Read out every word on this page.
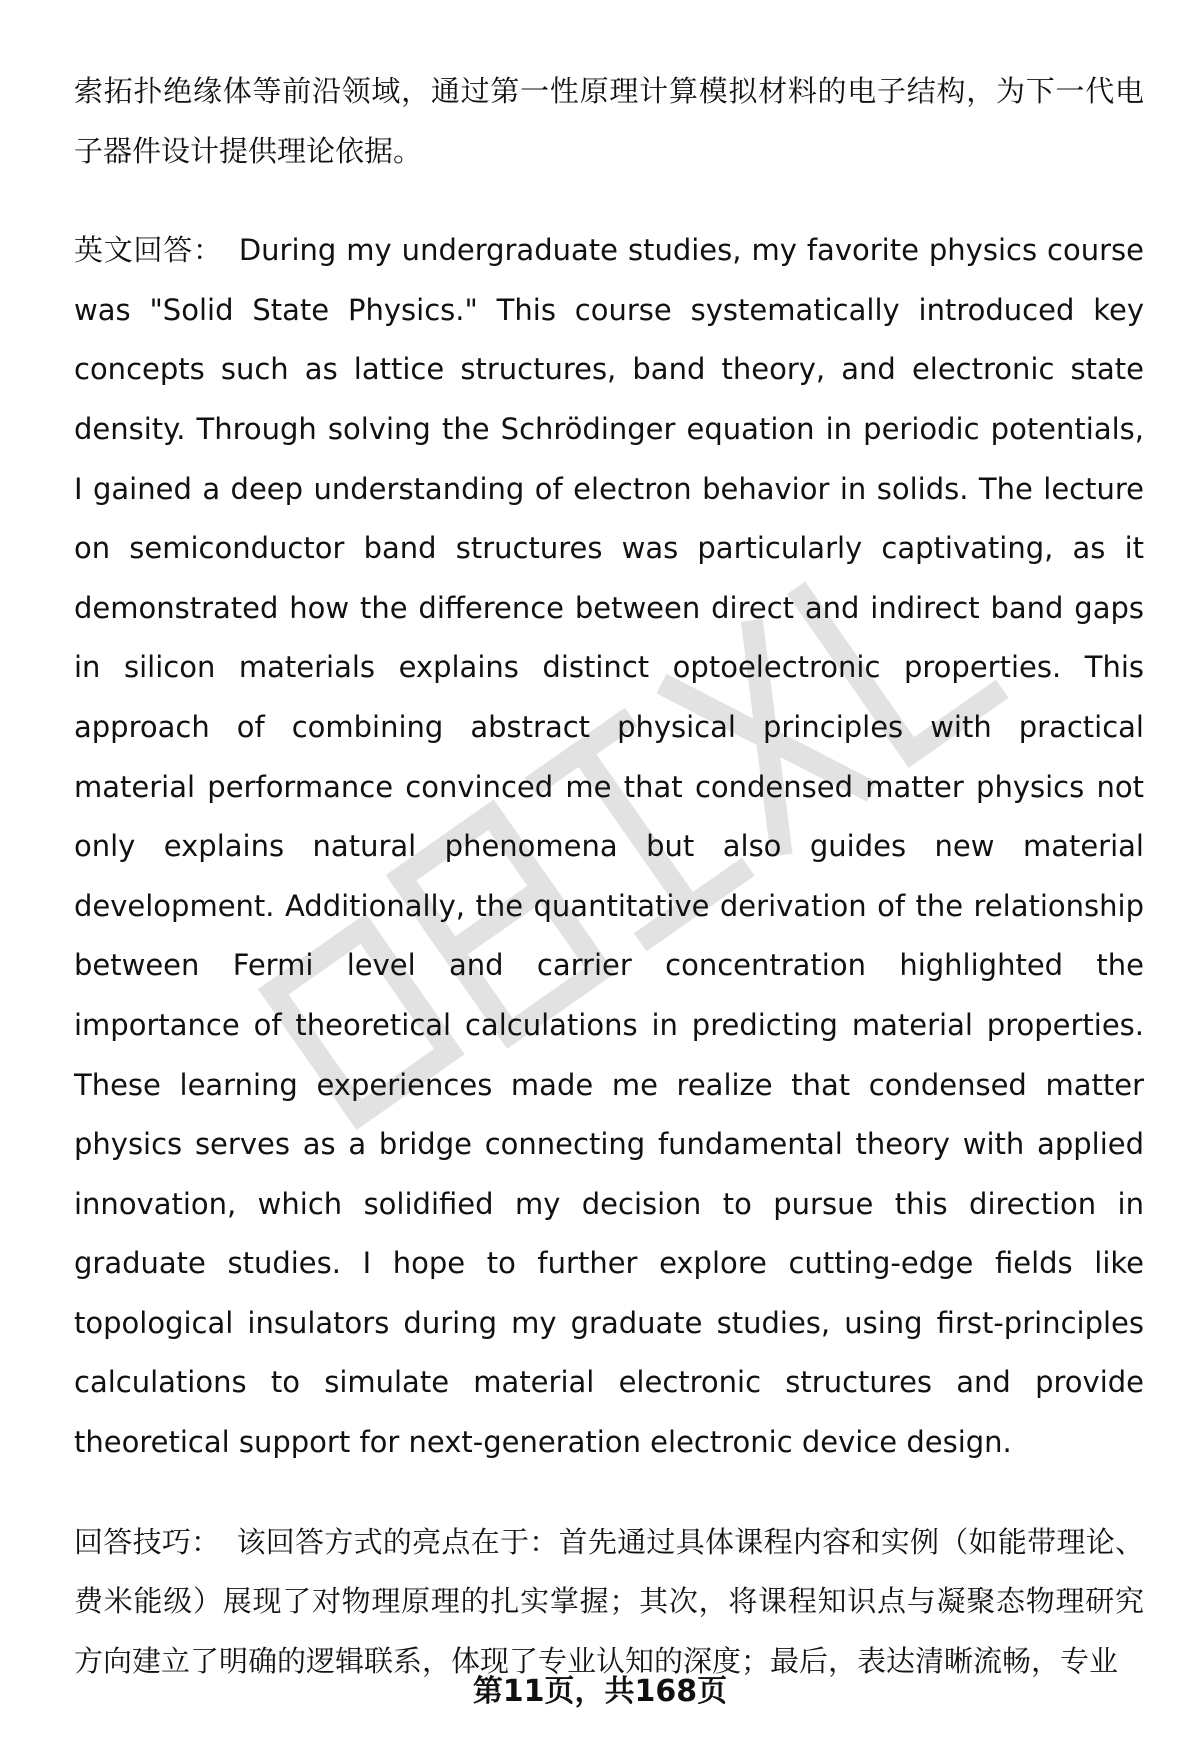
索拓扑绝缘体等前沿领域，通过第一性原理计算模拟材料的电子结构，为下一代电子器件设计提供理论依据。

英文回答： During my undergraduate studies, my favorite physics course was "Solid State Physics." This course systematically introduced key concepts such as lattice structures, band theory, and electronic state density. Through solving the Schrödinger equation in periodic potentials, I gained a deep understanding of electron behavior in solids. The lecture on semiconductor band structures was particularly captivating, as it demonstrated how the difference between direct and indirect band gaps in silicon materials explains distinct optoelectronic properties. This approach of combining abstract physical principles with practical material performance convinced me that condensed matter physics not only explains natural phenomena but also guides new material development. Additionally, the quantitative derivation of the relationship between Fermi level and carrier concentration highlighted the importance of theoretical calculations in predicting material properties. These learning experiences made me realize that condensed matter physics serves as a bridge connecting fundamental theory with applied innovation, which solidified my decision to pursue this direction in graduate studies. I hope to further explore cutting-edge fields like topological insulators during my graduate studies, using first-principles calculations to simulate material electronic structures and provide theoretical support for next-generation electronic device design.

回答技巧： 该回答方式的亮点在于：首先通过具体课程内容和实例（如能带理论、费米能级）展现了对物理原理的扎实掌握；其次，将课程知识点与凝聚态物理研究方向建立了明确的逻辑联系，体现了专业认知的深度；最后，表达清晰流畅，专业

第11页，共168页
